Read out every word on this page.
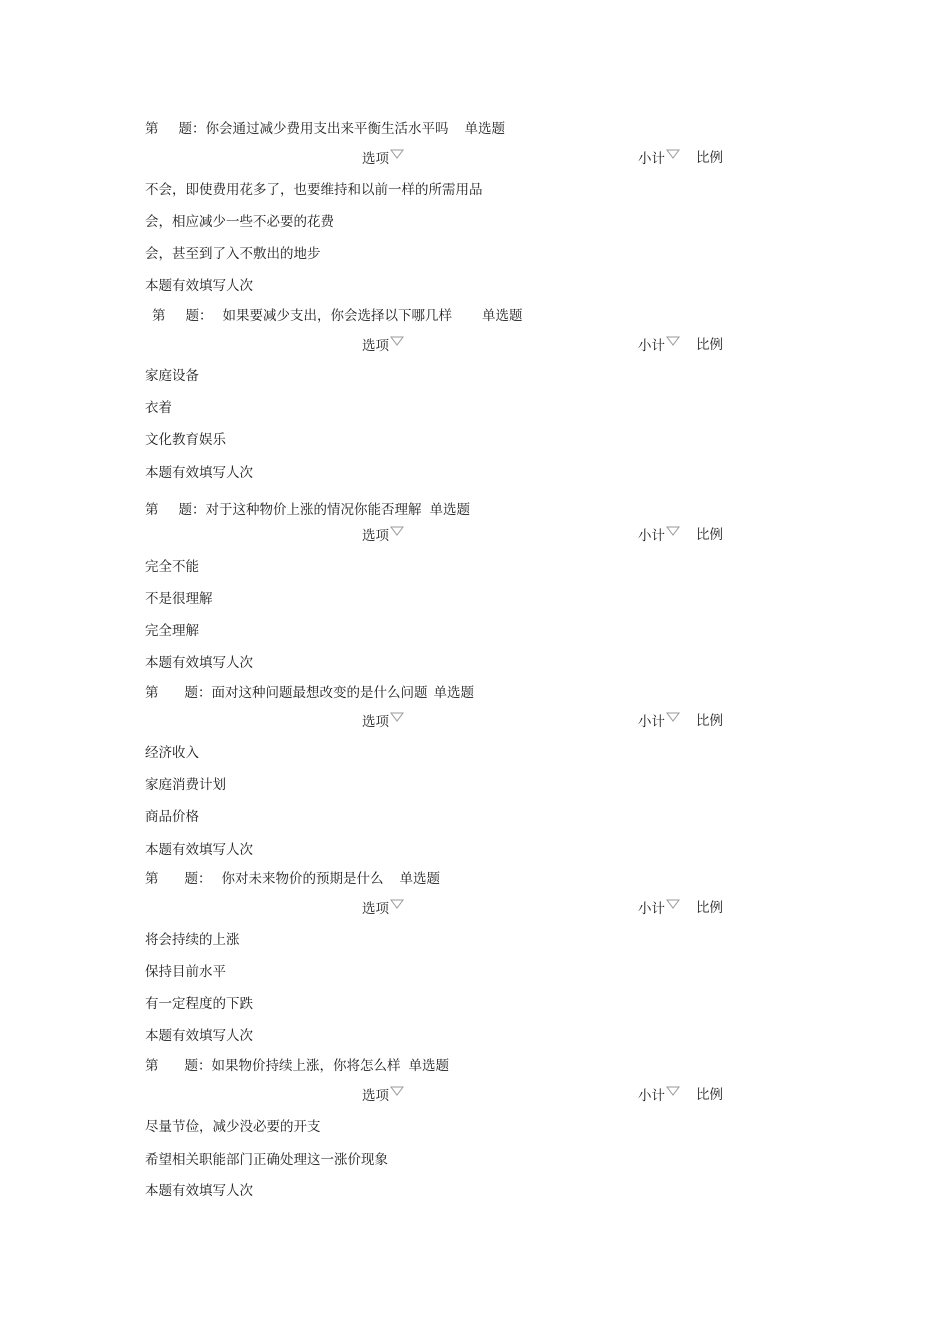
第 题：你会通过减少费用支出来平衡生活水平吗 单选题
选项	小计	比例
不会，即使费用花多了，也要维持和以前一样的所需用品
会，相应减少一些不必要的花费
会，甚至到了入不敷出的地步
本题有效填写人次
第 题： 如果要减少支出，你会选择以下哪几样 单选题
选项	小计	比例
家庭设备
衣着
文化教育娱乐
本题有效填写人次
第 题：对于这种物价上涨的情况你能否理解 单选题
选项	小计	比例
完全不能
不是很理解
完全理解
本题有效填写人次
第 题：面对这种问题最想改变的是什么问题 单选题
选项	小计	比例
经济收入
家庭消费计划
商品价格
本题有效填写人次
第 题： 你对未来物价的预期是什么 单选题
选项	小计	比例
将会持续的上涨
保持目前水平
有一定程度的下跌
本题有效填写人次
第 题：如果物价持续上涨，你将怎么样 单选题
选项	小计	比例
尽量节俭，减少没必要的开支
希望相关职能部门正确处理这一涨价现象
本题有效填写人次
